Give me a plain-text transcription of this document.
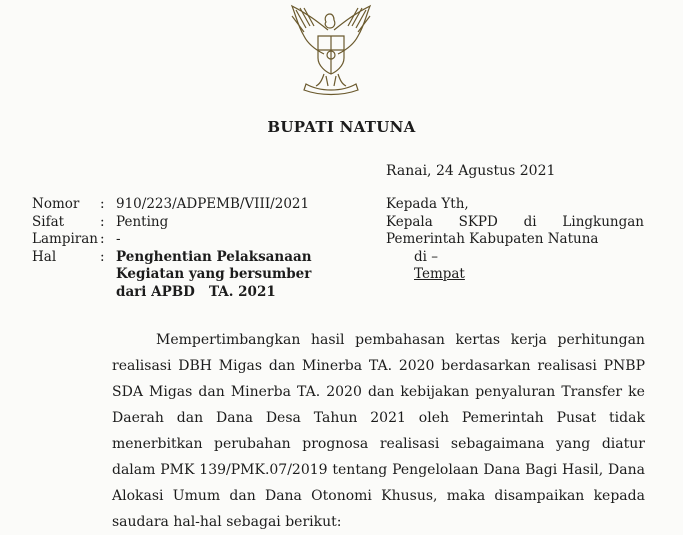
BUPATI NATUNA
Ranai, 24 Agustus 2021
Nomor	: 910/223/ADPEMB/VIII/2021
Sifat	: Penting
Lampiran : -
Hal	: Penghentian Pelaksanaan
Kegiatan yang bersumber
dari APBD   TA. 2021
Kepada Yth,
Kepala SKPD di Lingkungan
Pemerintah Kabupaten Natuna
di –
Tempat
Mempertimbangkan hasil pembahasan kertas kerja perhitungan
realisasi DBH Migas dan Minerba TA. 2020 berdasarkan realisasi PNBP
SDA Migas dan Minerba TA. 2020 dan kebijakan penyaluran Transfer ke
Daerah dan Dana Desa Tahun 2021 oleh Pemerintah Pusat tidak
menerbitkan perubahan prognosa realisasi sebagaimana yang diatur
dalam PMK 139/PMK.07/2019 tentang Pengelolaan Dana Bagi Hasil, Dana
Alokasi Umum dan Dana Otonomi Khusus, maka disampaikan kepada
saudara hal-hal sebagai berikut:
